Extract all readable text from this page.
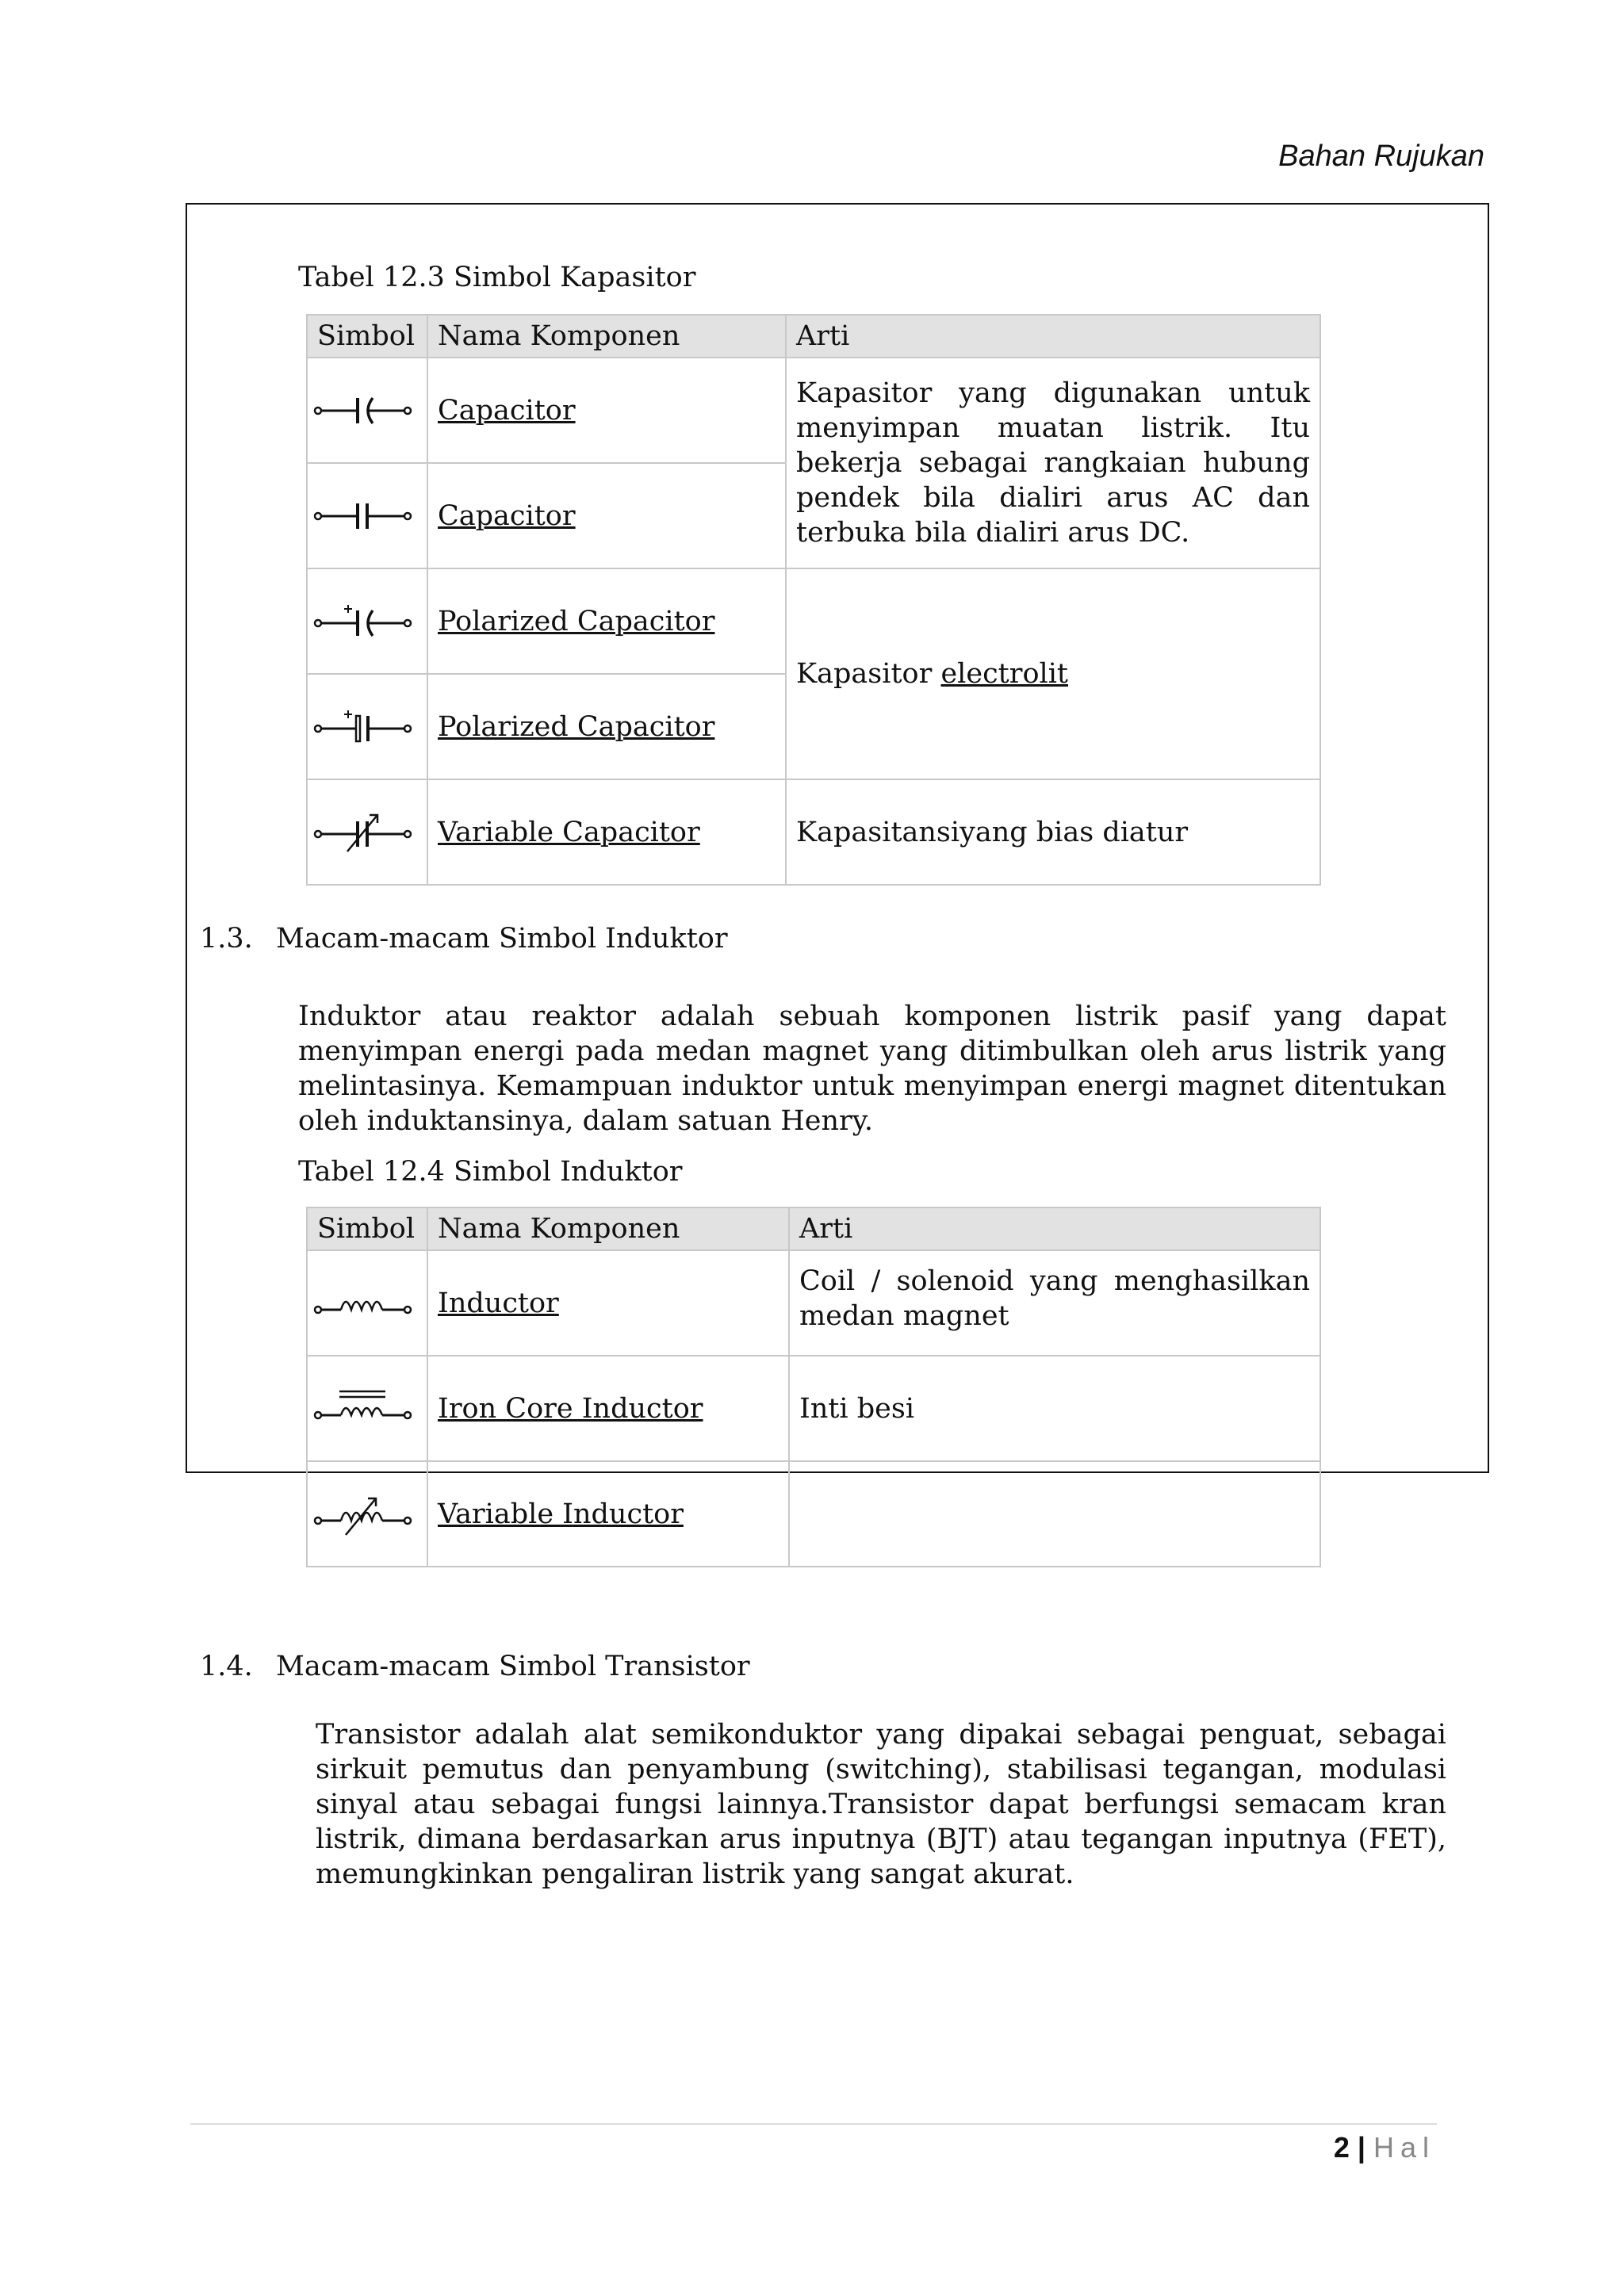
Bahan Rujukan
Tabel 12.3 Simbol Kapasitor
Simbol	Nama Komponen	Arti

	Capacitor	Kapasitor yang digunakan untuk menyimpan muatan listrik. Itu bekerja sebagai rangkaian hubung pendek bila dialiri arus AC dan terbuka bila dialiri arus DC.

	Capacitor	

	Polarized Capacitor	Kapasitor electrolit

	Polarized Capacitor	

	Variable Capacitor	Kapasitansiyang bias diatur
1.3. Macam-macam Simbol Induktor

Induktor atau reaktor adalah sebuah komponen listrik pasif yang dapat menyimpan energi pada medan magnet yang ditimbulkan oleh arus listrik yang melintasinya. Kemampuan induktor untuk menyimpan energi magnet ditentukan oleh induktansinya, dalam satuan Henry.

Tabel 12.4 Simbol Induktor
Simbol	Nama Komponen	Arti

	Inductor	Coil / solenoid yang menghasilkan medan magnet

	Iron Core Inductor	Inti besi

	Variable Inductor	
1.4. Macam-macam Simbol Transistor

Transistor adalah alat semikonduktor yang dipakai sebagai penguat, sebagai sirkuit pemutus dan penyambung (switching), stabilisasi tegangan, modulasi sinyal atau sebagai fungsi lainnya.Transistor dapat berfungsi semacam kran listrik, dimana berdasarkan arus inputnya (BJT) atau tegangan inputnya (FET), memungkinkan pengaliran listrik yang sangat akurat.

2 | Hal
